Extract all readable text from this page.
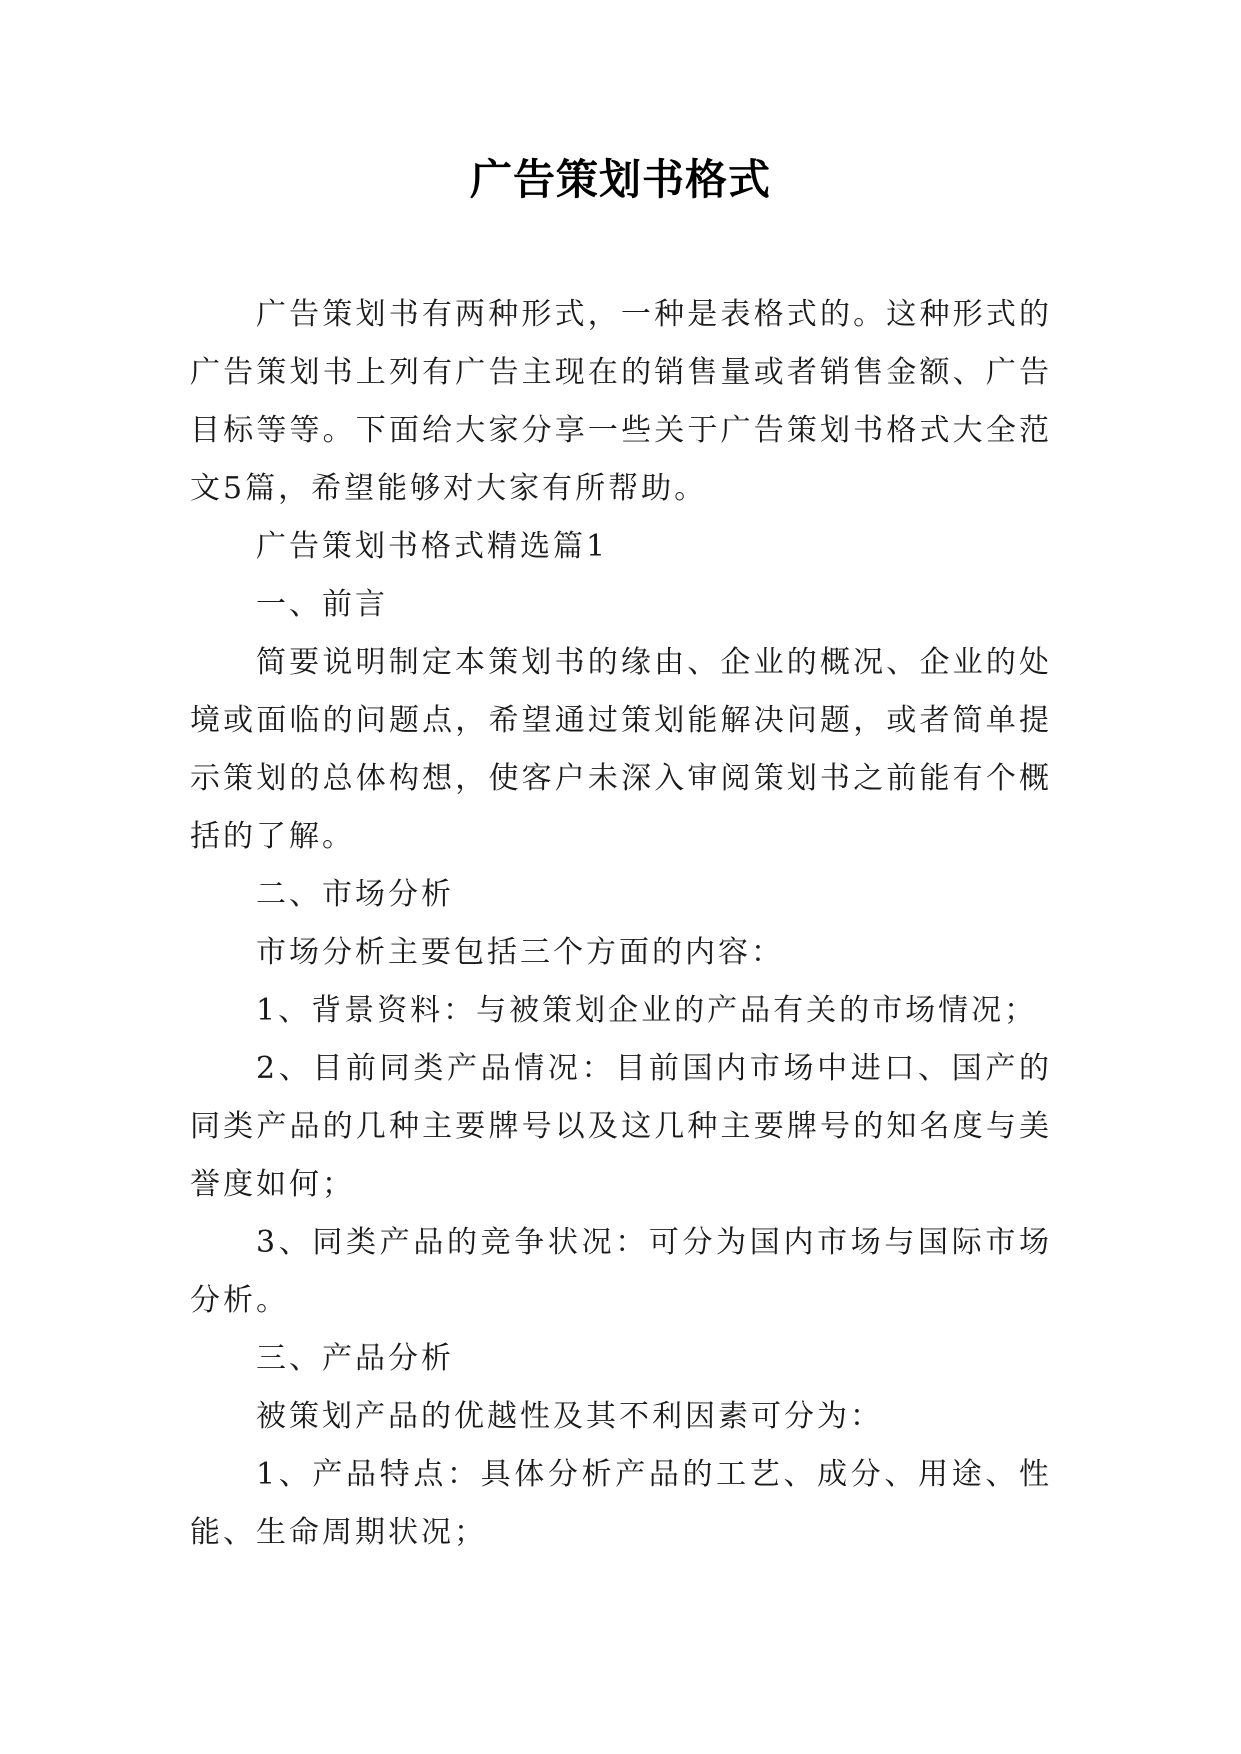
广告策划书格式

广告策划书有两种形式，一种是表格式的。这种形式的广告策划书上列有广告主现在的销售量或者销售金额、广告目标等等。下面给大家分享一些关于广告策划书格式大全范文5篇，希望能够对大家有所帮助。

广告策划书格式精选篇1

一、前言

简要说明制定本策划书的缘由、企业的概况、企业的处境或面临的问题点，希望通过策划能解决问题，或者简单提示策划的总体构想，使客户未深入审阅策划书之前能有个概括的了解。

二、市场分析

市场分析主要包括三个方面的内容：

1、背景资料：与被策划企业的产品有关的市场情况；

2、目前同类产品情况：目前国内市场中进口、国产的同类产品的几种主要牌号以及这几种主要牌号的知名度与美誉度如何；

3、同类产品的竞争状况：可分为国内市场与国际市场分析。

三、产品分析

被策划产品的优越性及其不利因素可分为：

1、产品特点：具体分析产品的工艺、成分、用途、性能、生命周期状况；
